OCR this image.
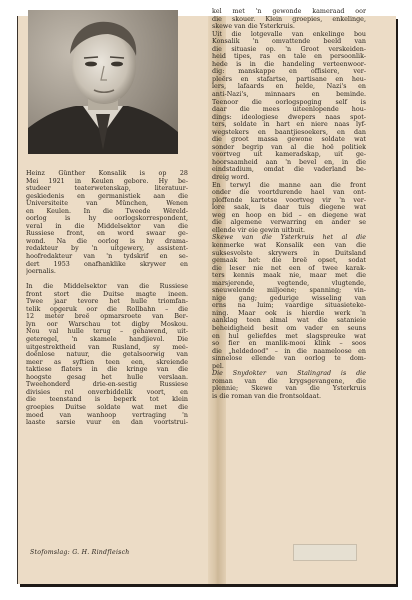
Heinz Günther Konsalik is op 28

Mei 1921 in Keulen gebore. Hy be-

studeer teaterwetenskap, literatuur-

geskiedenis en germanistiek aan die

Universiteite van München, Wenen

en Keulen. In die Tweede Wêreld-

oorlog is hy oorlogskorrespondent,

veral in die Middelsektor van die

Russiese front, en word swaar ge-

wond. Na die oorlog is hy drama-

redakteur by 'n uitgewery, assistent-

hoofredakteur van 'n tydskrif en se-

dert 1953 onafhanklike skrywer en

joernalis.

In die Middelsektor van die Russiese

front stort die Duitse magte ineen.

Twee jaar tevore het hulle triomfan-

telik opgeruk oor die Rollbahn – die

12 meter breë opmarsroete van Ber-

lyn oor Warschau tot digby Moskou.

Nou val hulle terug – gehawend, uit-

geteregel, 'n skamele handjievol. Die

uitgestrektheid van Rusland, sy meé-

doënlose natuur, die getalsoorwig van

meer as syftien teen een, skreiende

taktiese flaters in die kringe van die

hoogste gesag het hulle verslaan.

Tweehonderd drie-en-sestig Russiese

divisies rol onverbiddelik voort, en

die teenstand is beperk tot klein

groepies Duitse soldate wat met die

moed van wanhoop vertraging 'n

laaste sarsie vuur en dan voortstrui-

kel met 'n gewonde kameraad oor

die skouer. Klein groepies, enkelinge,

skewe van die Ysterkruis.

Uit die lotgevalle van enkelinge bou

Konsalik 'n omvattende beeld van

die situasie op. 'n Groot verskeiden-

heid tipes, ras en tale en persoonlik-

hede is in die handeling verteenwoor-

dig: manskappe en offisiere, ver-

pleërs en stafartse, partisane en heu-

lers, lafaards en helde, Nazi's en

anti-Nazi's, minnaars en beminde.

Teenoor die oorlogspoging self is

daar die mees uiteenlopende hou-

dings: ideologiese dwepers naas spot-

ters, soldate in hart en niere naas lyf-

wegstekers en baantjiesoekers, en dan

die groot massa gewone soldate wat

sonder begrip van al die hoë politiek

voortveg uit kameradskap, uit ge-

hoorsaamheid aan 'n bevel en, in die

eindstadium, omdat die vaderland be-

dreig word.

En terwyl die manne aan die front

onder die voortdurende hael van ont-

ploffende kartetse voortveg vir 'n ver-

lore saak, is daar tuis diegene wat

weg en hoop en bid – en diegene wat

die algemene verwarring en ander se

ellende vir eie gewin uitbuit.

Skewe van die Ysterkruis het al die

kenmerke wat Konsalik een van die

suksesvolste skrywers in Duitsland

gemaak het: die breë opset, sodat

die leser nie net een of twee karak-

ters kennis maak nie, maar met die

marsjerende, vegtende, vlugtende,

sneuwelende miljoene; spanning; vin-

nige gang; gedurige wisseling van

erns na luim; vaardige situasieteke-

ning. Maar ook is hierdie werk 'n

aanklag teen almal wat die satanieie

beheidigheid besit om vader en seuns

en hul geliefdes met slagspreuke wat

so fier en manlik-mooi klink – soos

die „heldedood" – in die naameloose en

sinnelose ellende van oorlog te dom-

pel.

Die Snydokter van Stalingrad is die

roman van die krygsgevangene, die

plennie; Skewe van die Ysterkruis

is die roman van die frontsoldaat.

Stofomslag: G. H. Rindfleisch
